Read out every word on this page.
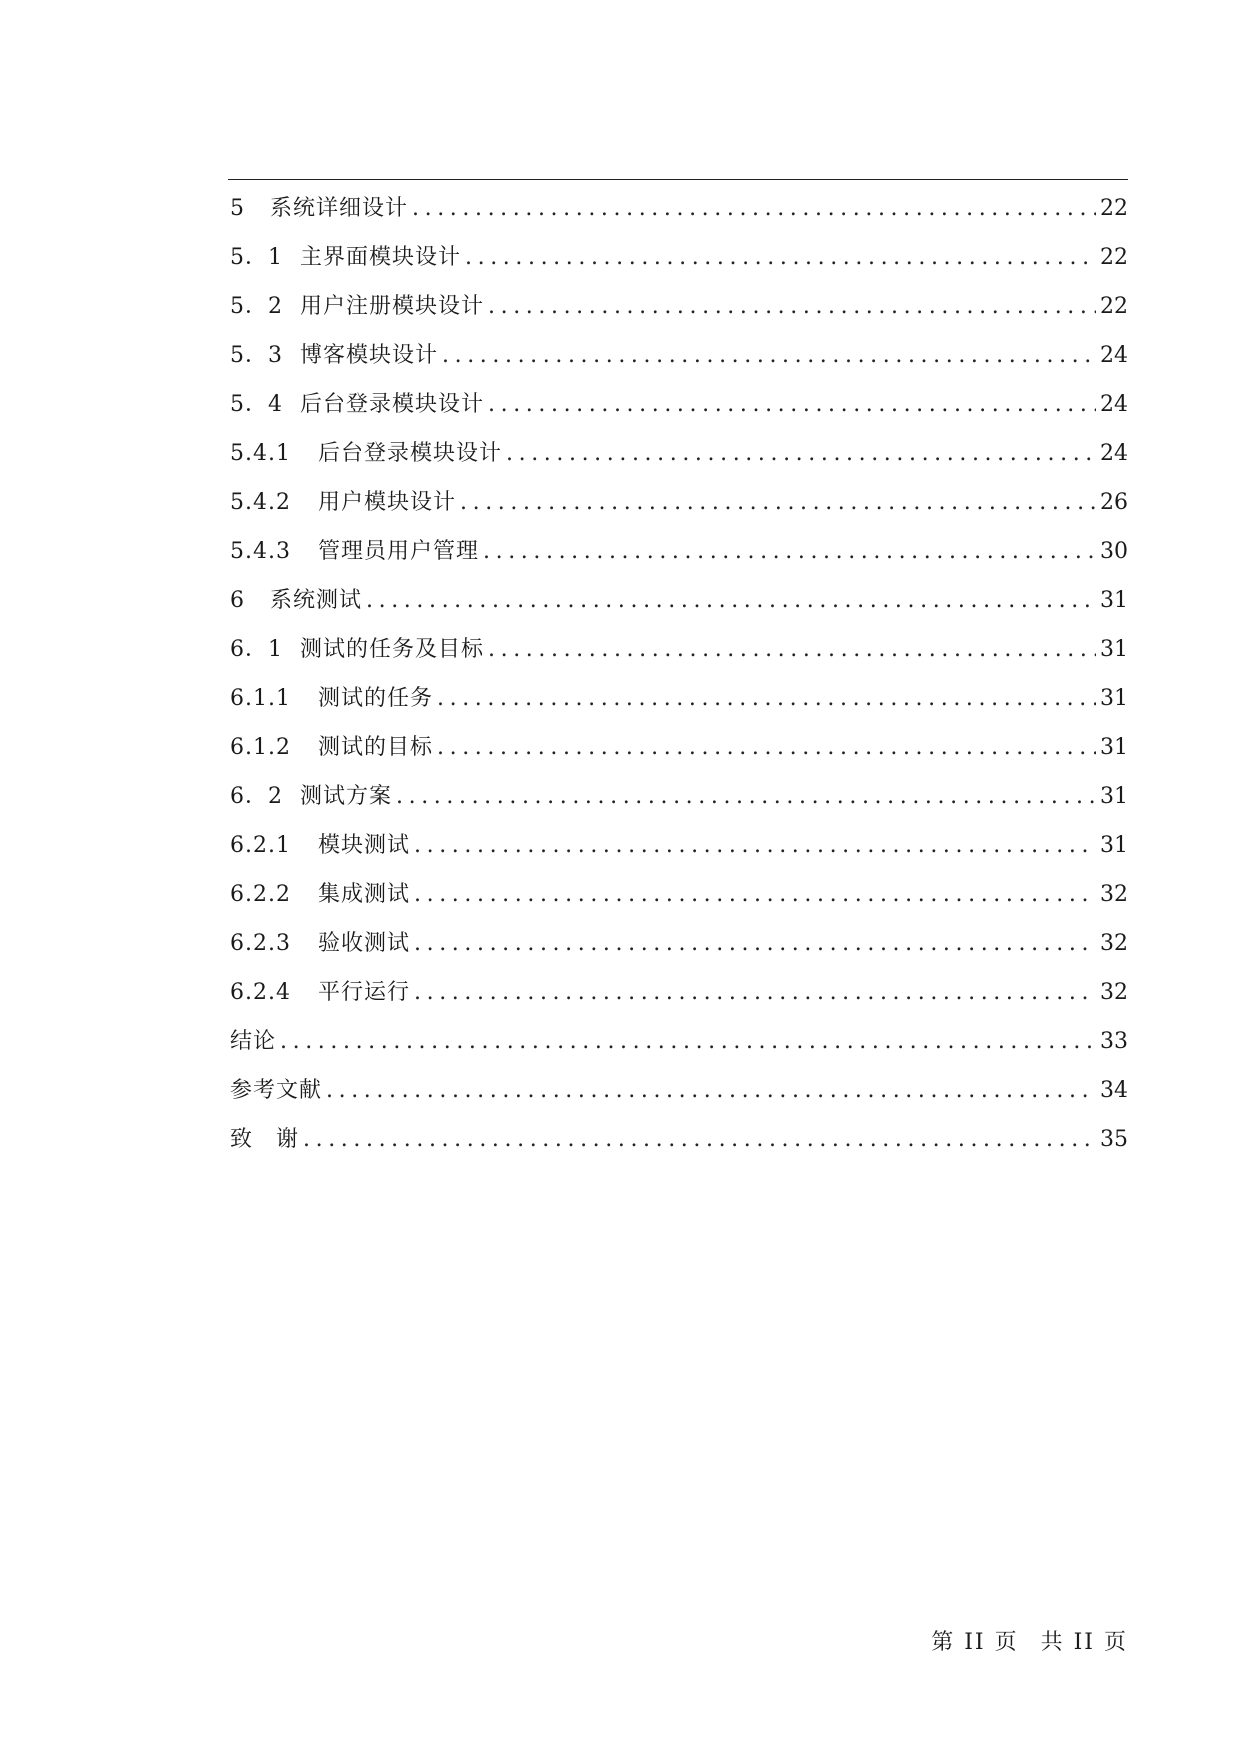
5	系统详细设计 .....	22
5．1 主界面模块设计 .....	22
5．2 用户注册模块设计 .....	22
5．3 博客模块设计 .....	24
5．4 后台登录模块设计 .....	24
5.4.1	后台登录模块设计 .....	24
5.4.2	用户模块设计 .....	26
5.4.3	管理员用户管理 .....	30
6	系统测试 .....	31
6．1 测试的任务及目标 .....	31
6.1.1	测试的任务 .....	31
6.1.2	测试的目标 .....	31
6．2 测试方案 .....	31
6.2.1	模块测试 .....	31
6.2.2	集成测试 .....	32
6.2.3	验收测试 .....	32
6.2.4	平行运行 .....	32
结论 .....	33
参考文献 .....	34
致　谢 .....	35
第 II 页 共 II 页
